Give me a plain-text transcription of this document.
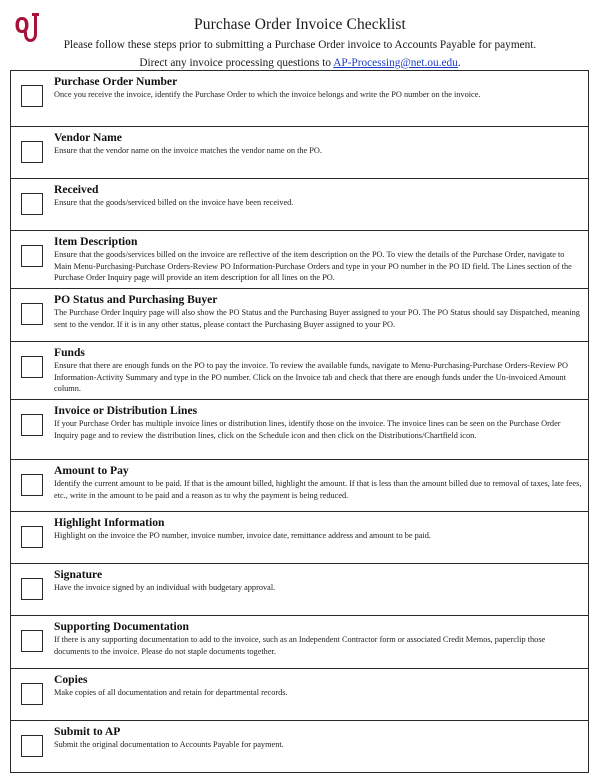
Purchase Order Invoice Checklist
Please follow these steps prior to submitting a Purchase Order invoice to Accounts Payable for payment.
Direct any invoice processing questions to AP-Processing@net.ou.edu.
Purchase Order Number
Once you receive the invoice, identify the Purchase Order to which the invoice belongs and write the PO number on the invoice.
Vendor Name
Ensure that the vendor name on the invoice matches the vendor name on the PO.
Received
Ensure that the goods/serviced billed on the invoice have been received.
Item Description
Ensure that the goods/services billed on the invoice are reflective of the item description on the PO. To view the details of the Purchase Order, navigate to Main Menu-Purchasing-Purchase Orders-Review PO Information-Purchase Orders and type in your PO number in the PO ID field. The Lines section of the Purchase Order Inquiry page will provide an item description for all lines on the PO.
PO Status and Purchasing Buyer
The Purchase Order Inquiry page will also show the PO Status and the Purchasing Buyer assigned to your PO. The PO Status should say Dispatched, meaning sent to the vendor. If it is in any other status, please contact the Purchasing Buyer assigned to your PO.
Funds
Ensure that there are enough funds on the PO to pay the invoice. To review the available funds, navigate to Menu-Purchasing-Purchase Orders-Review PO Information-Activity Summary and type in the PO number. Click on the Invoice tab and check that there are enough funds under the Un-invoiced Amount column.
Invoice or Distribution Lines
If your Purchase Order has multiple invoice lines or distribution lines, identify those on the invoice. The invoice lines can be seen on the Purchase Order Inquiry page and to review the distribution lines, click on the Schedule icon and then click on the Distributions/Chartfield icon.
Amount to Pay
Identify the current amount to be paid. If that is the amount billed, highlight the amount. If that is less than the amount billed due to removal of taxes, late fees, etc., write in the amount to be paid and a reason as to why the payment is being reduced.
Highlight Information
Highlight on the invoice the PO number, invoice number, invoice date, remittance address and amount to be paid.
Signature
Have the invoice signed by an individual with budgetary approval.
Supporting Documentation
If there is any supporting documentation to add to the invoice, such as an Independent Contractor form or associated Credit Memos, paperclip those documents to the invoice. Please do not staple documents together.
Copies
Make copies of all documentation and retain for departmental records.
Submit to AP
Submit the original documentation to Accounts Payable for payment.
